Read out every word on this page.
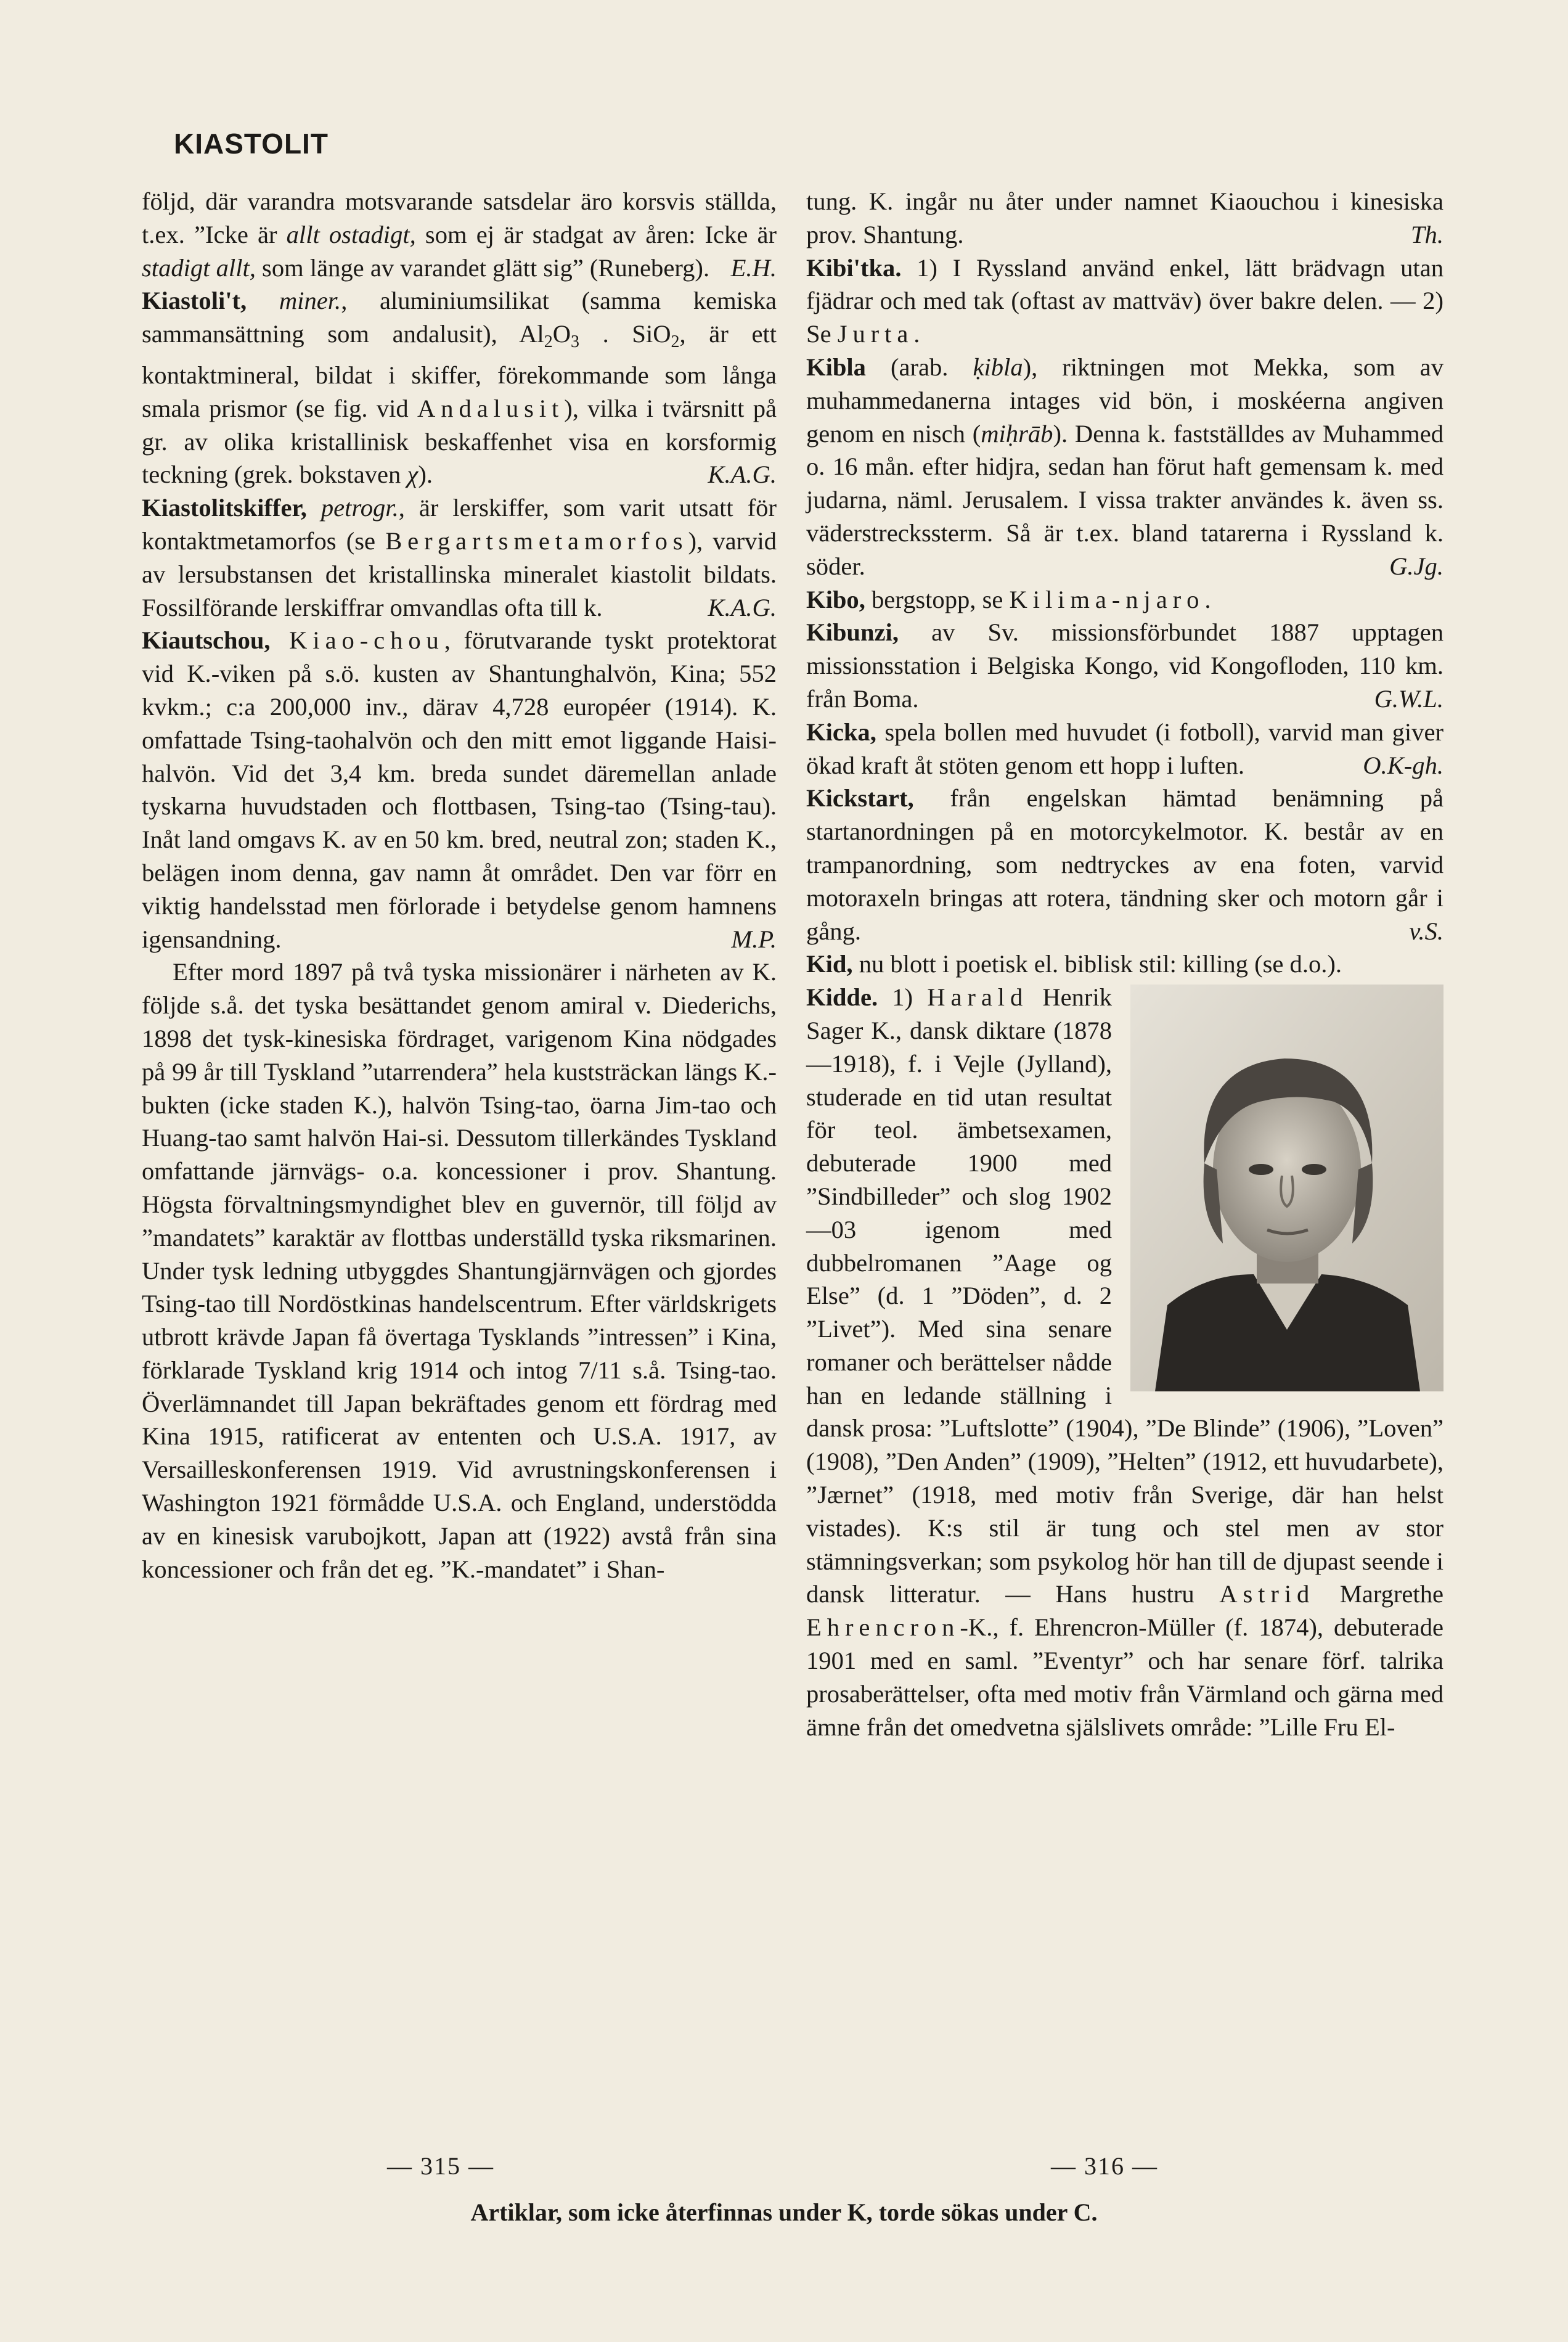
KIASTOLIT

följd, där varandra motsvarande satsdelar äro korsvis ställda, t.ex. ”Icke är allt ostadigt, som ej är stadgat av åren: Icke är stadigt allt, som länge av varandet glätt sig” (Runeberg). E.H.

Kiastoli't, miner., aluminiumsilikat (samma kemiska sammansättning som andalusit), $Al_2O_3$ . SiO$_2$, är ett kontaktmineral, bildat i skiffer, förekommande som långa smala prismor (se fig. vid Andalusit), vilka i tvärsnitt på gr. av olika kristallinisk beskaffenhet visa en korsformig teckning (grek. bokstaven χ).	K.A.G.

Kiastolitskiffer, petrogr., är lerskiffer, som varit utsatt för kontaktmetamorfos (se Bergartsmetamorfos), varvid av lersubstansen det kristallinska mineralet kiastolit bildats. Fossilförande lerskiffrar omvandlas ofta till k.	K.A.G.

Kiautschou, Kiao-chou, förutvarande tyskt protektorat vid K.-viken på s.ö. kusten av Shantunghalvön, Kina; 552 kvkm.; c:a 200,000 inv., därav 4,728 européer (1914). K. omfattade Tsing-taohalvön och den mitt emot liggande Haisi-halvön. Vid det 3,4 km. breda sundet däremellan anlade tyskarna huvudstaden och flottbasen, Tsing-tao (Tsing-tau). Inåt land omgavs K. av en 50 km. bred, neutral zon; staden K., belägen inom denna, gav namn åt området. Den var förr en viktig handelsstad men förlorade i betydelse genom hamnens igensandning.	M.P.

Efter mord 1897 på två tyska missionärer i närheten av K. följde s.å. det tyska besättandet genom amiral v. Diederichs, 1898 det tysk-kinesiska fördraget, varigenom Kina nödgades på 99 år till Tyskland ”utarrendera” hela kuststräckan längs K.-bukten (icke staden K.), halvön Tsing-tao, öarna Jim-tao och Huang-tao samt halvön Hai-si. Dessutom tillerkändes Tyskland omfattande järnvägs- o.a. koncessioner i prov. Shantung. Högsta förvaltningsmyndighet blev en guvernör, till följd av ”mandatets” karaktär av flottbas underställd tyska riksmarinen. Under tysk ledning utbyggdes Shantungjärnvägen och gjordes Tsing-tao till Nordöstkinas handelscentrum. Efter världskrigets utbrott krävde Japan få övertaga Tysklands ”intressen” i Kina, förklarade Tyskland krig 1914 och intog 7/11 s.å. Tsing-tao. Överlämnandet till Japan bekräftades genom ett fördrag med Kina 1915, ratificerat av ententen och U.S.A. 1917, av Versailleskonferensen 1919. Vid avrustningskonferensen i Washington 1921 förmådde U.S.A. och England, understödda av en kinesisk varubojkott, Japan att (1922) avstå från sina koncessioner och från det eg. ”K.-mandatet” i Shan-

tung. K. ingår nu åter under namnet Kiaouchou i kinesiska prov. Shantung.	Th.

Kibi'tka. 1) I Ryssland använd enkel, lätt brädvagn utan fjädrar och med tak (oftast av mattväv) över bakre delen. — 2) Se Jurta.

Kibla (arab. ḳibla), riktningen mot Mekka, som av muhammedanerna intages vid bön, i moskéerna angiven genom en nisch (miḥrāb). Denna k. fastställdes av Muhammed o. 16 mån. efter hidjra, sedan han förut haft gemensam k. med judarna, näml. Jerusalem. I vissa trakter användes k. även ss. väderstreckssterm. Så är t.ex. bland tatarerna i Ryssland k. söder.	G.Jg.

Kibo, bergstopp, se Kilima-njaro.

Kibunzi, av Sv. missionsförbundet 1887 upptagen missionsstation i Belgiska Kongo, vid Kongofloden, 110 km. från Boma.	G.W.L.

Kicka, spela bollen med huvudet (i fotboll), varvid man giver ökad kraft åt stöten genom ett hopp i luften.	O.K-gh.

Kickstart, från engelskan hämtad benämning på startanordningen på en motorcykelmotor. K. består av en trampanordning, som nedtryckes av ena foten, varvid motoraxeln bringas att rotera, tändning sker och motorn går i gång.	v.S.

Kid, nu blott i poetisk el. biblisk stil: killing (se d.o.).

Kidde. 1) Harald
Henrik Sager K., dansk diktare (1878—1918), f. i Vejle (Jylland), studerade en tid utan resultat för teol. ämbetsexamen, debuterade 1900 med ”Sindbilleder” och slog 1902—03 igenom med dubbelromanen ”Aage og Else” (d. 1 ”Döden”, d. 2 ”Livet”). Med sina senare romaner och berättelser nådde han en ledande ställning i dansk prosa: ”Luftslotte” (1904), ”De Blinde” (1906), ”Loven” (1908), ”Den Anden” (1909), ”Helten” (1912, ett huvudarbete), ”Jærnet” (1918, med motiv från Sverige, där han helst vistades). K:s stil är tung och stel men av stor stämningsverkan; som psykolog hör han till de djupast seende i dansk litteratur. — Hans hustru Astrid Margrethe Ehrencron-K., f. Ehrencron-Müller (f. 1874), debuterade 1901 med en saml. ”Eventyr” och har senare förf. talrika prosaberättelser, ofta med motiv från Värmland och gärna med ämne från det omedvetna själslivets område: ”Lille Fru El-

— 315 —	— 316 —
Artiklar, som icke återfinnas under K, torde sökas under C.
